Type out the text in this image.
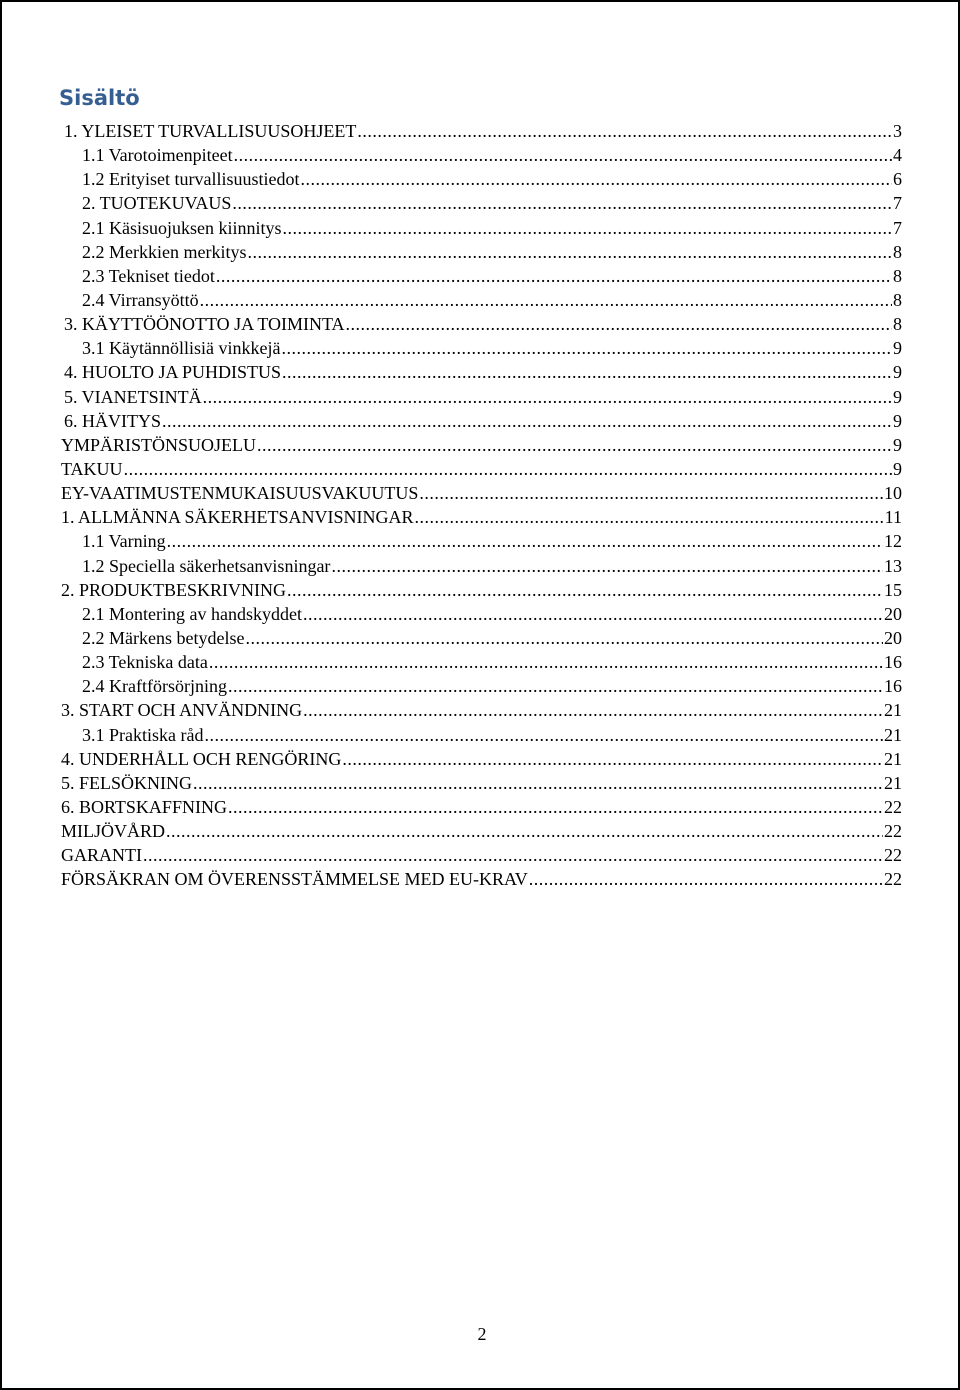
Sisältö
1. YLEISET TURVALLISUUSOHJEET .....	3
1.1 Varotoimenpiteet .....	4
1.2 Erityiset turvallisuustiedot .....	6
2. TUOTEKUVAUS .....	7
2.1 Käsisuojuksen kiinnitys .....	7
2.2 Merkkien merkitys .....	8
2.3 Tekniset tiedot .....	8
2.4 Virransyöttö .....	8
3. KÄYTTÖÖNOTTO JA TOIMINTA .....	8
3.1 Käytännöllisiä vinkkejä .....	9
4. HUOLTO JA PUHDISTUS .....	9
5. VIANETSINTÄ .....	9
6. HÄVITYS .....	9
YMPÄRISTÖNSUOJELU .....	9
TAKUU .....	9
EY-VAATIMUSTENMUKAISUUSVAKUUTUS .....	10
1. ALLMÄNNA SÄKERHETSANVISNINGAR .....	11
1.1 Varning .....	12
1.2 Speciella säkerhetsanvisningar .....	13
2. PRODUKTBESKRIVNING .....	15
2.1 Montering av handskyddet .....	20
2.2 Märkens betydelse .....	20
2.3 Tekniska data .....	16
2.4 Kraftförsörjning .....	16
3. START OCH ANVÄNDNING .....	21
3.1 Praktiska råd .....	21
4. UNDERHÅLL OCH RENGÖRING .....	21
5. FELSÖKNING .....	21
6. BORTSKAFFNING .....	22
MILJÖVÅRD .....	22
GARANTI .....	22
FÖRSÄKRAN OM ÖVERENSSTÄMMELSE MED EU-KRAV .....	22
2
